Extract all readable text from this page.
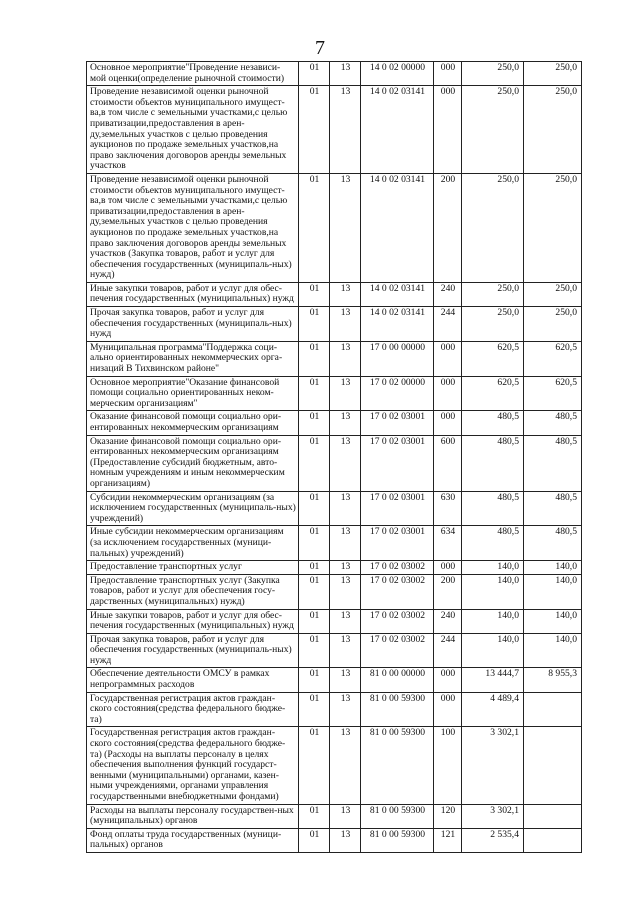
7
Основное мероприятие"Проведение независи-мой оценки(определение рыночной стоимости)	01	13	14 0 02 00000	000	250,0	250,0
Проведение независимой оценки рыночной стоимости объектов муниципального имущест-ва,в том числе с земельными участками,с целью приватизации,предоставления в арен-ду,земельных участков с целью проведения аукционов по продаже земельных участков,на право заключения договоров аренды земельных участков	01	13	14 0 02 03141	000	250,0	250,0
Проведение независимой оценки рыночной стоимости объектов муниципального имущест-ва,в том числе с земельными участками,с целью приватизации,предоставления в арен-ду,земельных участков с целью проведения аукционов по продаже земельных участков,на право заключения договоров аренды земельных участков (Закупка товаров, работ и услуг для обеспечения государственных (муниципаль-ных) нужд)	01	13	14 0 02 03141	200	250,0	250,0
Иные закупки товаров, работ и услуг для обес-печения государственных (муниципальных) нужд	01	13	14 0 02 03141	240	250,0	250,0
Прочая закупка товаров, работ и услуг для обеспечения государственных (муниципаль-ных) нужд	01	13	14 0 02 03141	244	250,0	250,0
Муниципальная программа"Поддержка соци-ально ориентированных некоммерческих орга-низаций В Тихвинском районе"	01	13	17 0 00 00000	000	620,5	620,5
Основное мероприятие"Оказание финансовой помощи социально ориентированных неком-мерческим организациям"	01	13	17 0 02 00000	000	620,5	620,5
Оказание финансовой помощи социально ори-ентированных некоммерческим организациям	01	13	17 0 02 03001	000	480,5	480,5
Оказание финансовой помощи социально ори-ентированных некоммерческим организациям (Предоставление субсидий бюджетным, авто-номным учреждениям и иным некоммерческим организациям)	01	13	17 0 02 03001	600	480,5	480,5
Субсидии некоммерческим организациям (за исключением государственных (муниципаль-ных) учреждений)	01	13	17 0 02 03001	630	480,5	480,5
Иные субсидии некоммерческим организациям (за исключением государственных (муници-пальных) учреждений)	01	13	17 0 02 03001	634	480,5	480,5
Предоставление транспортных услуг	01	13	17 0 02 03002	000	140,0	140,0
Предоставление транспортных услуг (Закупка товаров, работ и услуг для обеспечения госу-дарственных (муниципальных) нужд)	01	13	17 0 02 03002	200	140,0	140,0
Иные закупки товаров, работ и услуг для обес-печения государственных (муниципальных) нужд	01	13	17 0 02 03002	240	140,0	140,0
Прочая закупка товаров, работ и услуг для обеспечения государственных (муниципаль-ных) нужд	01	13	17 0 02 03002	244	140,0	140,0
Обеспечение деятельности ОМСУ в рамках непрограммных расходов	01	13	81 0 00 00000	000	13 444,7	8 955,3
Государственная регистрация актов граждан-ского состояния(средства федерального бюдже-та)	01	13	81 0 00 59300	000	4 489,4	
Государственная регистрация актов граждан-ского состояния(средства федерального бюдже-та) (Расходы на выплаты персоналу в целях обеспечения выполнения функций государст-венными (муниципальными) органами, казен-ными учреждениями, органами управления государственными внебюджетными фондами)	01	13	81 0 00 59300	100	3 302,1	
Расходы на выплаты персоналу государствен-ных (муниципальных) органов	01	13	81 0 00 59300	120	3 302,1	
Фонд оплаты труда государственных (муници-пальных) органов	01	13	81 0 00 59300	121	2 535,4	
